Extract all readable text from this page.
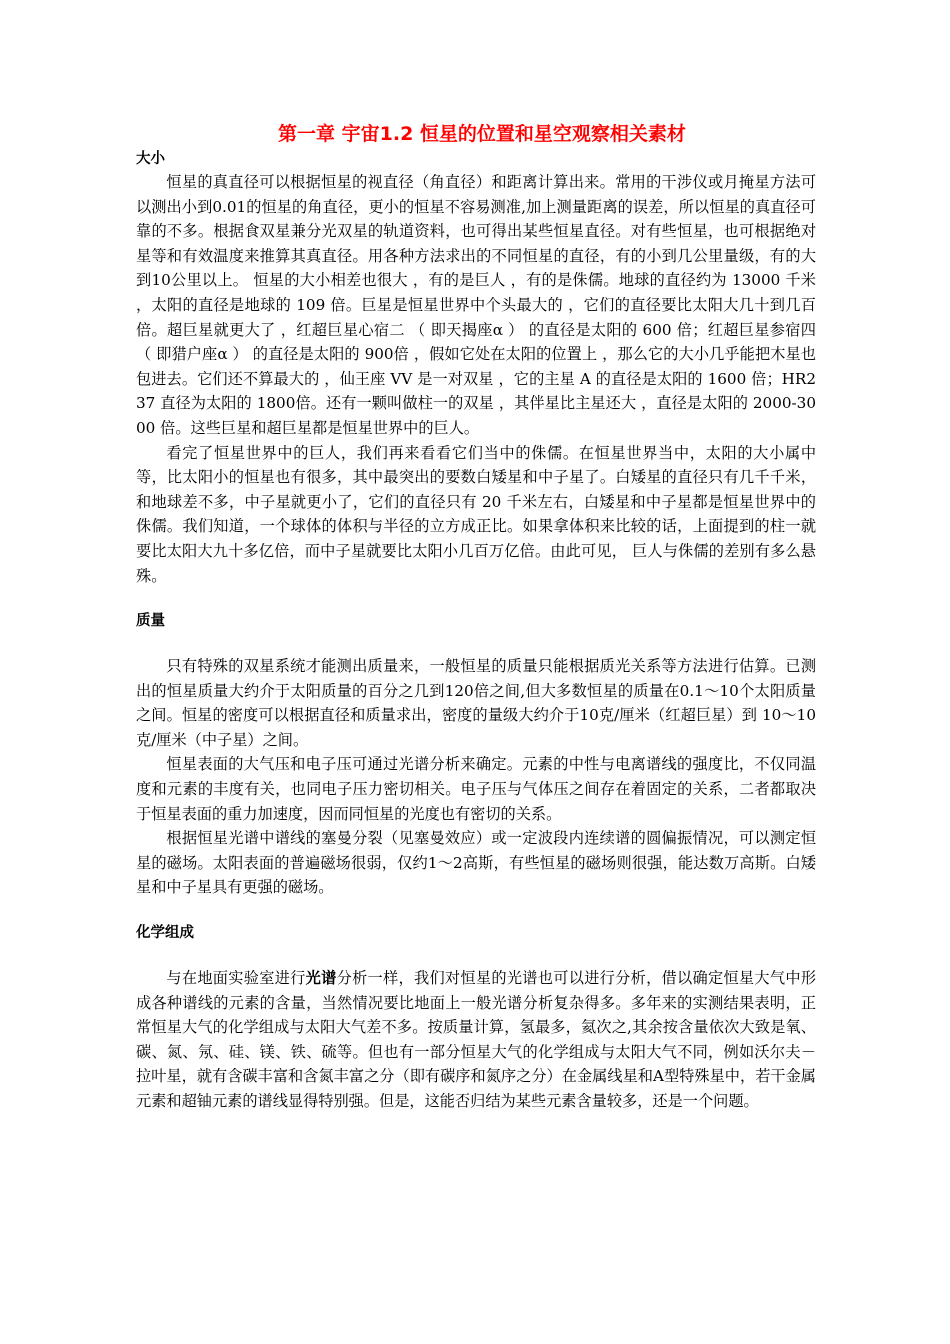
第一章 宇宙1.2 恒星的位置和星空观察相关素材
大小

恒星的真直径可以根据恒星的视直径（角直径）和距离计算出来。常用的干涉仪或月掩星方法可以测出小到0.01的恒星的角直径，更小的恒星不容易测准,加上测量距离的误差，所以恒星的真直径可靠的不多。根据食双星兼分光双星的轨道资料，也可得出某些恒星直径。对有些恒星，也可根据绝对星等和有效温度来推算其真直径。用各种方法求出的不同恒星的直径，有的小到几公里量级，有的大到10公里以上。 恒星的大小相差也很大 ，有的是巨人 ，有的是侏儒。地球的直径约为 13000 千米 ，太阳的直径是地球的 109 倍。巨星是恒星世界中个头最大的 ，它们的直径要比太阳大几十到几百倍。超巨星就更大了 ，红超巨星心宿二 （ 即天揭座α ） 的直径是太阳的 600 倍；红超巨星参宿四 （ 即猎户座α ） 的直径是太阳的 900倍 ，假如它处在太阳的位置上 ，那么它的大小几乎能把木星也包进去。它们还不算最大的 ，仙王座 VV 是一对双星 ，它的主星 A 的直径是太阳的 1600 倍；HR237 直径为太阳的 1800倍。还有一颗叫做柱一的双星 ，其伴星比主星还大 ，直径是太阳的 2000-3000 倍。这些巨星和超巨星都是恒星世界中的巨人。

看完了恒星世界中的巨人，我们再来看看它们当中的侏儒。在恒星世界当中，太阳的大小属中等，比太阳小的恒星也有很多，其中最突出的要数白矮星和中子星了。白矮星的直径只有几千千米，和地球差不多，中子星就更小了，它们的直径只有 20 千米左右，白矮星和中子星都是恒星世界中的侏儒。我们知道，一个球体的体积与半径的立方成正比。如果拿体积来比较的话，上面提到的柱一就要比太阳大九十多亿倍，而中子星就要比太阳小几百万亿倍。由此可见， 巨人与侏儒的差别有多么悬殊。

质量

只有特殊的双星系统才能测出质量来，一般恒星的质量只能根据质光关系等方法进行估算。已测出的恒星质量大约介于太阳质量的百分之几到120倍之间,但大多数恒星的质量在0.1～10个太阳质量之间。恒星的密度可以根据直径和质量求出，密度的量级大约介于10克/厘米（红超巨星）到 10～10克/厘米（中子星）之间。

恒星表面的大气压和电子压可通过光谱分析来确定。元素的中性与电离谱线的强度比，不仅同温度和元素的丰度有关，也同电子压力密切相关。电子压与气体压之间存在着固定的关系，二者都取决于恒星表面的重力加速度，因而同恒星的光度也有密切的关系。

根据恒星光谱中谱线的塞曼分裂（见塞曼效应）或一定波段内连续谱的圆偏振情况，可以测定恒星的磁场。太阳表面的普遍磁场很弱，仅约1～2高斯，有些恒星的磁场则很强，能达数万高斯。白矮星和中子星具有更强的磁场。

化学组成

与在地面实验室进行光谱分析一样，我们对恒星的光谱也可以进行分析，借以确定恒星大气中形成各种谱线的元素的含量，当然情况要比地面上一般光谱分析复杂得多。多年来的实测结果表明，正常恒星大气的化学组成与太阳大气差不多。按质量计算，氢最多，氦次之,其余按含量依次大致是氧、碳、氮、氖、硅、镁、铁、硫等。但也有一部分恒星大气的化学组成与太阳大气不同，例如沃尔夫－拉叶星，就有含碳丰富和含氮丰富之分（即有碳序和氮序之分）在金属线星和A型特殊星中，若干金属元素和超铀元素的谱线显得特别强。但是，这能否归结为某些元素含量较多，还是一个问题。
